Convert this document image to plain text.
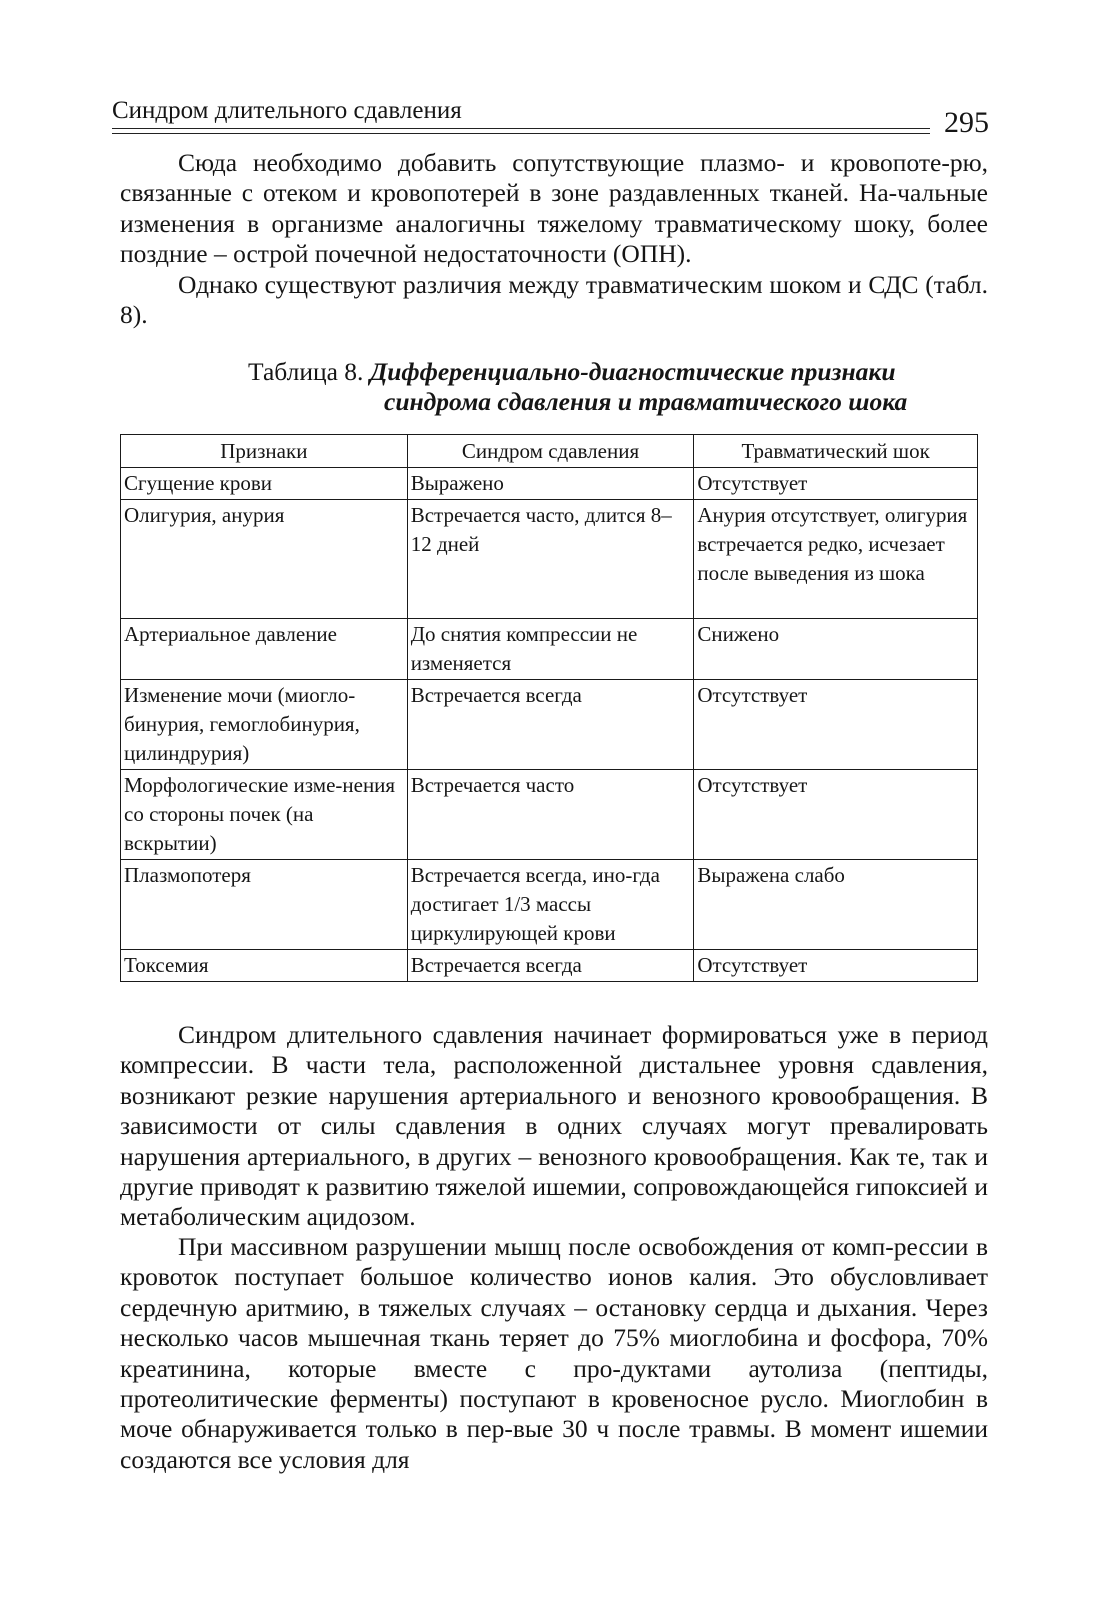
Синдром длительного сдавления	295

Сюда необходимо добавить сопутствующие плазмо- и кровопоте-рю, связанные с отеком и кровопотерей в зоне раздавленных тканей. На-чальные изменения в организме аналогичны тяжелому травматическому шоку, более поздние – острой почечной недостаточности (ОПН).

Однако существуют различия между травматическим шоком и СДС (табл. 8).

Таблица 8. Дифференциально-диагностические признаки
синдрома сдавления и травматического шока
Признаки	Синдром сдавления	Травматический шок
Сгущение крови	Выражено	Отсутствует
Олигурия, анурия	Встречается часто, длится 8–12 дней	Анурия отсутствует, олигурия встречается редко, исчезает после выведения из шока
Артериальное давление	До снятия компрессии не изменяется	Снижено
Изменение мочи (миогло-бинурия, гемоглобинурия, цилиндрурия)	Встречается всегда	Отсутствует
Морфологические изме-нения со стороны почек (на вскрытии)	Встречается часто	Отсутствует
Плазмопотеря	Встречается всегда, ино-гда достигает 1/3 массы циркулирующей крови	Выражена слабо
Токсемия	Встречается всегда	Отсутствует

Синдром длительного сдавления начинает формироваться уже в период компрессии. В части тела, расположенной дистальнее уровня сдавления, возникают резкие нарушения артериального и венозного кровообращения. В зависимости от силы сдавления в одних случаях могут превалировать нарушения артериального, в других – венозного кровообращения. Как те, так и другие приводят к развитию тяжелой ишемии, сопровождающейся гипоксией и метаболическим ацидозом.

При массивном разрушении мышц после освобождения от комп-рессии в кровоток поступает большое количество ионов калия. Это обусловливает сердечную аритмию, в тяжелых случаях – остановку сердца и дыхания. Через несколько часов мышечная ткань теряет до 75% миоглобина и фосфора, 70% креатинина, которые вместе с про-дуктами аутолиза (пептиды, протеолитические ферменты) поступают в кровеносное русло. Миоглобин в моче обнаруживается только в пер-вые 30 ч после травмы. В момент ишемии создаются все условия для
